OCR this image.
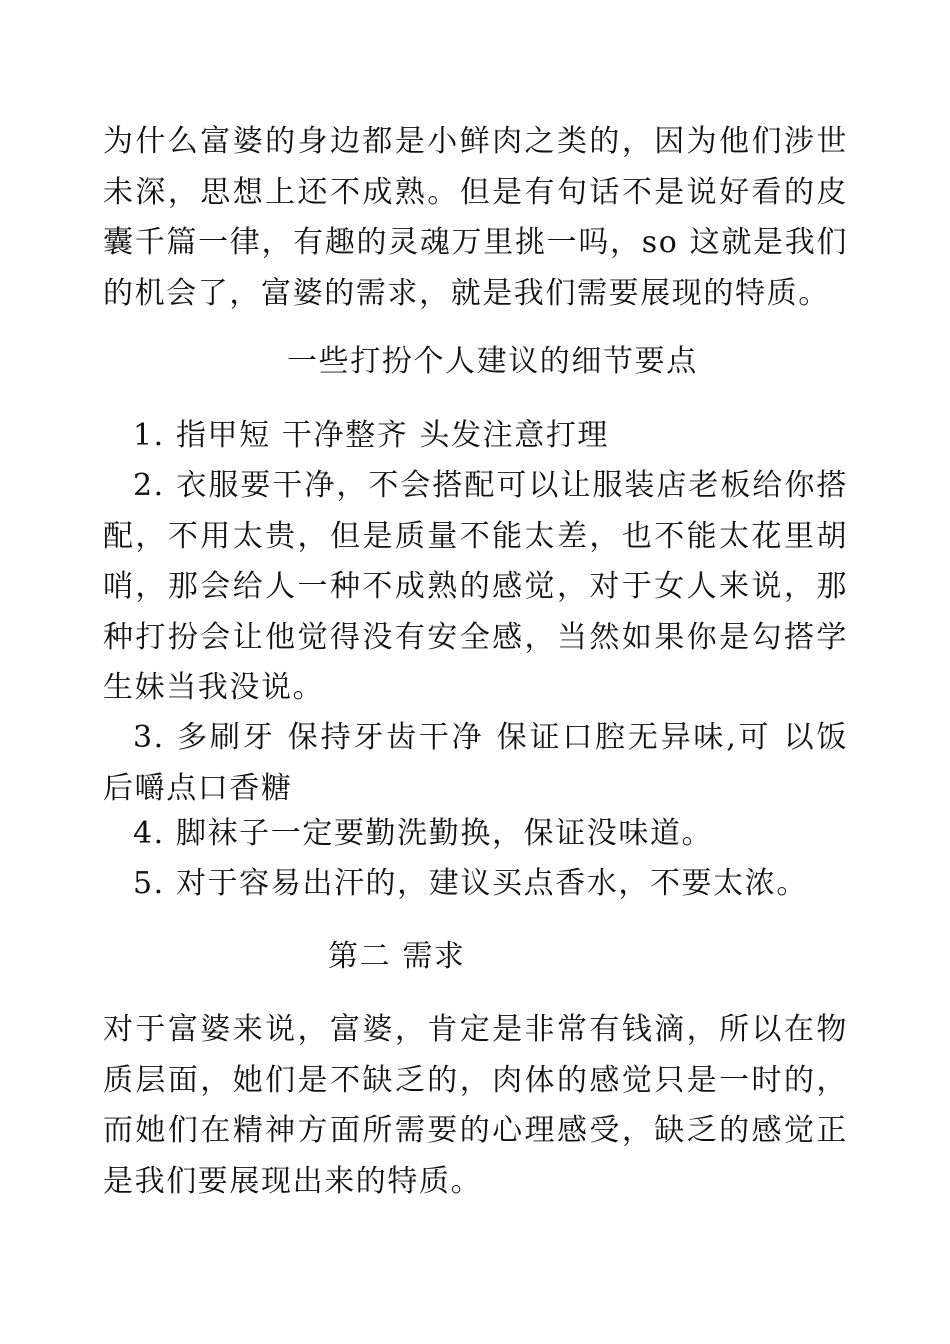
为什么富婆的身边都是小鲜肉之类的，因为他们涉世未深，思想上还不成熟。但是有句话不是说好看的皮囊千篇一律，有趣的灵魂万里挑一吗，so 这就是我们的机会了，富婆的需求，就是我们需要展现的特质。

一些打扮个人建议的细节要点

1. 指甲短 干净整齐 头发注意打理

2. 衣服要干净，不会搭配可以让服装店老板给你搭配，不用太贵，但是质量不能太差，也不能太花里胡哨，那会给人一种不成熟的感觉，对于女人来说，那种打扮会让他觉得没有安全感，当然如果你是勾搭学生妹当我没说。

3. 多刷牙 保持牙齿干净 保证口腔无异味,可 以饭后嚼点口香糖

4. 脚袜子一定要勤洗勤换，保证没味道。

5. 对于容易出汗的，建议买点香水，不要太浓。

第二 需求

对于富婆来说，富婆，肯定是非常有钱滴，所以在物质层面，她们是不缺乏的，肉体的感觉只是一时的，而她们在精神方面所需要的心理感受，缺乏的感觉正是我们要展现出来的特质。
